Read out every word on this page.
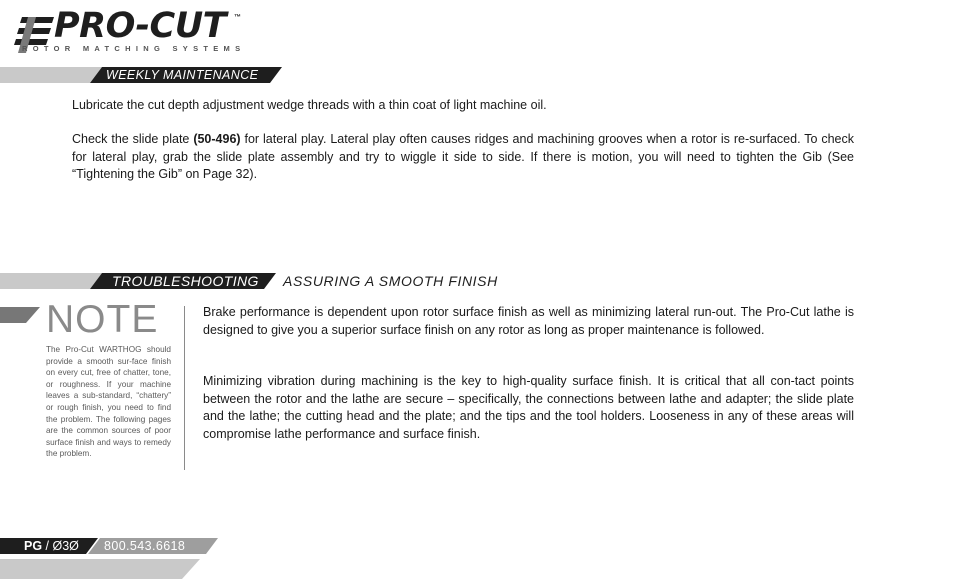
PRO-CUT ™
ROTOR MATCHING SYSTEMS
WEEKLY MAINTENANCE

Lubricate the cut depth adjustment wedge threads with a thin coat of light machine oil.

Check the slide plate (50-496) for lateral play. Lateral play often causes ridges and machining grooves when a rotor is re-surfaced. To check for lateral play, grab the slide plate assembly and try to wiggle it side to side. If there is motion, you will need to tighten the Gib (See “Tightening the Gib” on Page 32).

TROUBLESHOOTING ASSURING A SMOOTH FINISH
NOTE

The Pro-Cut WARTHOG should provide a smooth sur-face finish on every cut, free of chatter, tone, or roughness. If your machine leaves a sub-standard, “chattery” or rough finish, you need to find the problem. The following pages are the common sources of poor surface finish and ways to remedy the problem.

Brake performance is dependent upon rotor surface finish as well as minimizing lateral run-out. The Pro-Cut lathe is designed to give you a superior surface finish on any rotor as long as proper maintenance is followed.

Minimizing vibration during machining is the key to high-quality surface finish. It is critical that all con-tact points between the rotor and the lathe are secure – specifically, the connections between lathe and adapter; the slide plate and the lathe; the cutting head and the plate; and the tips and the tool holders. Looseness in any of these areas will compromise lathe performance and surface finish.

PG / Ø3Ø 800.543.6618
